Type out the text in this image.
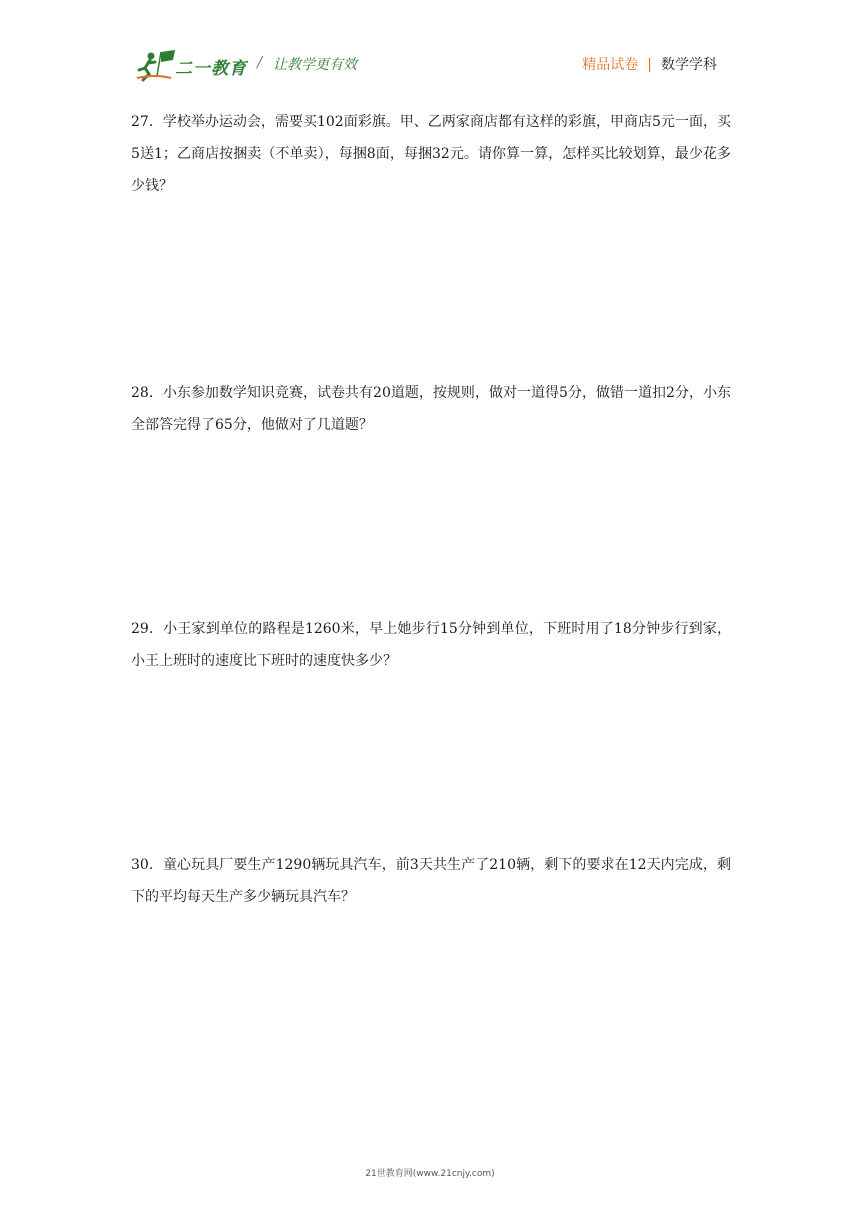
二一教育 / 让教学更有效	精品试卷 | 数学学科
27．学校举办运动会，需要买102面彩旗。甲、乙两家商店都有这样的彩旗，甲商店5元一面，买5送1；乙商店按捆卖（不单卖），每捆8面，每捆32元。请你算一算，怎样买比较划算，最少花多少钱？
28．小东参加数学知识竞赛，试卷共有20道题，按规则，做对一道得5分，做错一道扣2分，小东全部答完得了65分，他做对了几道题？
29．小王家到单位的路程是1260米，早上她步行15分钟到单位，下班时用了18分钟步行到家，小王上班时的速度比下班时的速度快多少？
30．童心玩具厂要生产1290辆玩具汽车，前3天共生产了210辆，剩下的要求在12天内完成，剩下的平均每天生产多少辆玩具汽车？
21世教育网(www.21cnjy.com)
